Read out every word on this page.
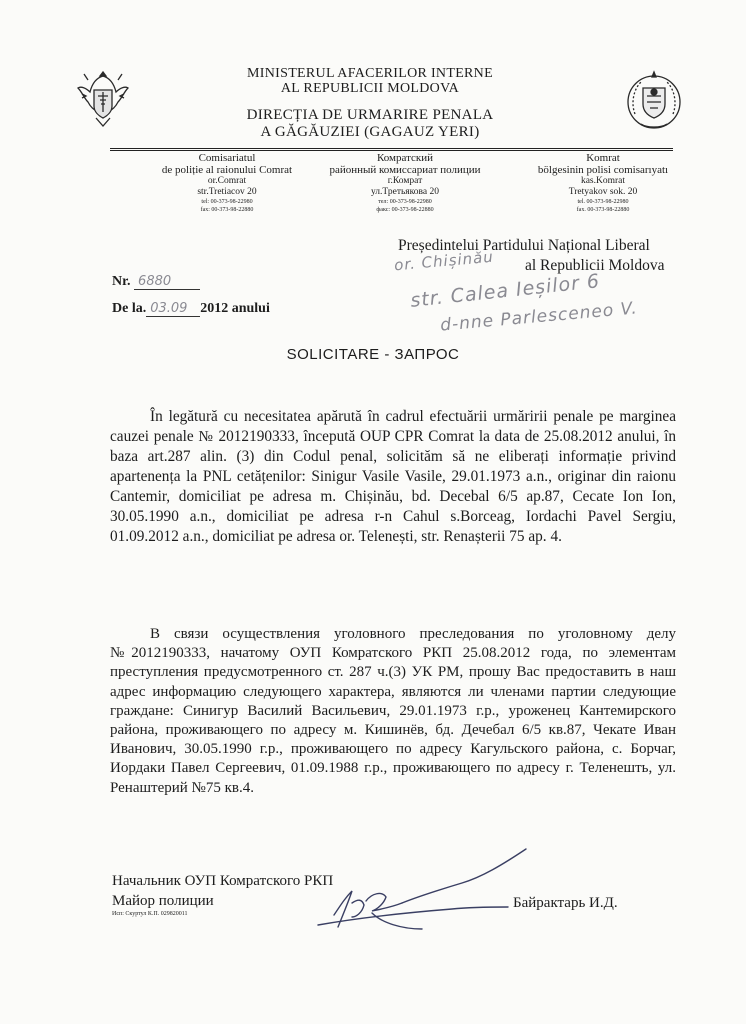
MINISTERUL AFACERILOR INTERNE
AL REPUBLICII MOLDOVA
DIRECȚIA DE URMARIRE PENALA
A GĂGĂUZIEI (GAGAUZ YERI)
Comisariatul
de poliție al raionului Comrat
or.Comrat
str.Tretiacov 20
tel: 00-373-98-22980
fax: 00-373-98-22880
Комратский
районный комиссариат полиции
г.Комрат
ул.Третьякова 20
тел: 00-373-98-22980
факс: 00-373-98-22880
Komrat
bölgesinin polisi comisarıyatı
kas.Komrat
Tretyakov sok. 20
tel. 00-373-98-22980
fax. 00-373-98-22880
Președintelui Partidului Național Liberal
al Republicii Moldova
or. Chișinău
str. Calea Ieșilor 6
d-nne Parlesceneo V.
Nr. 6880
De la. 03.09 2012 anului
SOLICITARE - ЗАПРОС

În legătură cu necesitatea apărută în cadrul efectuării urmăririi penale pe marginea cauzei penale № 2012190333, începută OUP CPR Comrat la data de 25.08.2012 anului, în baza art.287 alin. (3) din Codul penal, solicităm să ne eliberați informație privind apartenența la PNL cetățenilor: Sinigur Vasile Vasile, 29.01.1973 a.n., originar din raionu Cantemir, domiciliat pe adresa m. Chișinău, bd. Decebal 6/5 ap.87, Cecate Ion Ion, 30.05.1990 a.n., domiciliat pe adresa r-n Cahul s.Borceag, Iordachi Pavel Sergiu, 01.09.2012 a.n., domiciliat pe adresa or. Telenești, str. Renașterii 75 ap. 4.

В связи осуществления уголовного преследования по уголовному делу №2012190333, начатому ОУП Комратского РКП 25.08.2012 года, по элементам преступления предусмотренного ст. 287 ч.(3) УК РМ, прошу Вас предоставить в наш адрес информацию следующего характера, являются ли членами партии следующие граждане: Синигур Василий Васильевич, 29.01.1973 г.р., уроженец Кантемирского района, проживающего по адресу м. Кишинёв, бд. Дечебал 6/5 кв.87, Чекате Иван Иванович, 30.05.1990 г.р., проживающего по адресу Кагульского района, с. Борчаг, Иордаки Павел Сергеевич, 01.09.1988 г.р., проживающего по адресу г. Теленешть, ул. Ренаштерий №75 кв.4.

Начальник ОУП Комратского РКП
Майор полиции	Байрактарь И.Д.
Исп: Скуртул К.П. 029820011
